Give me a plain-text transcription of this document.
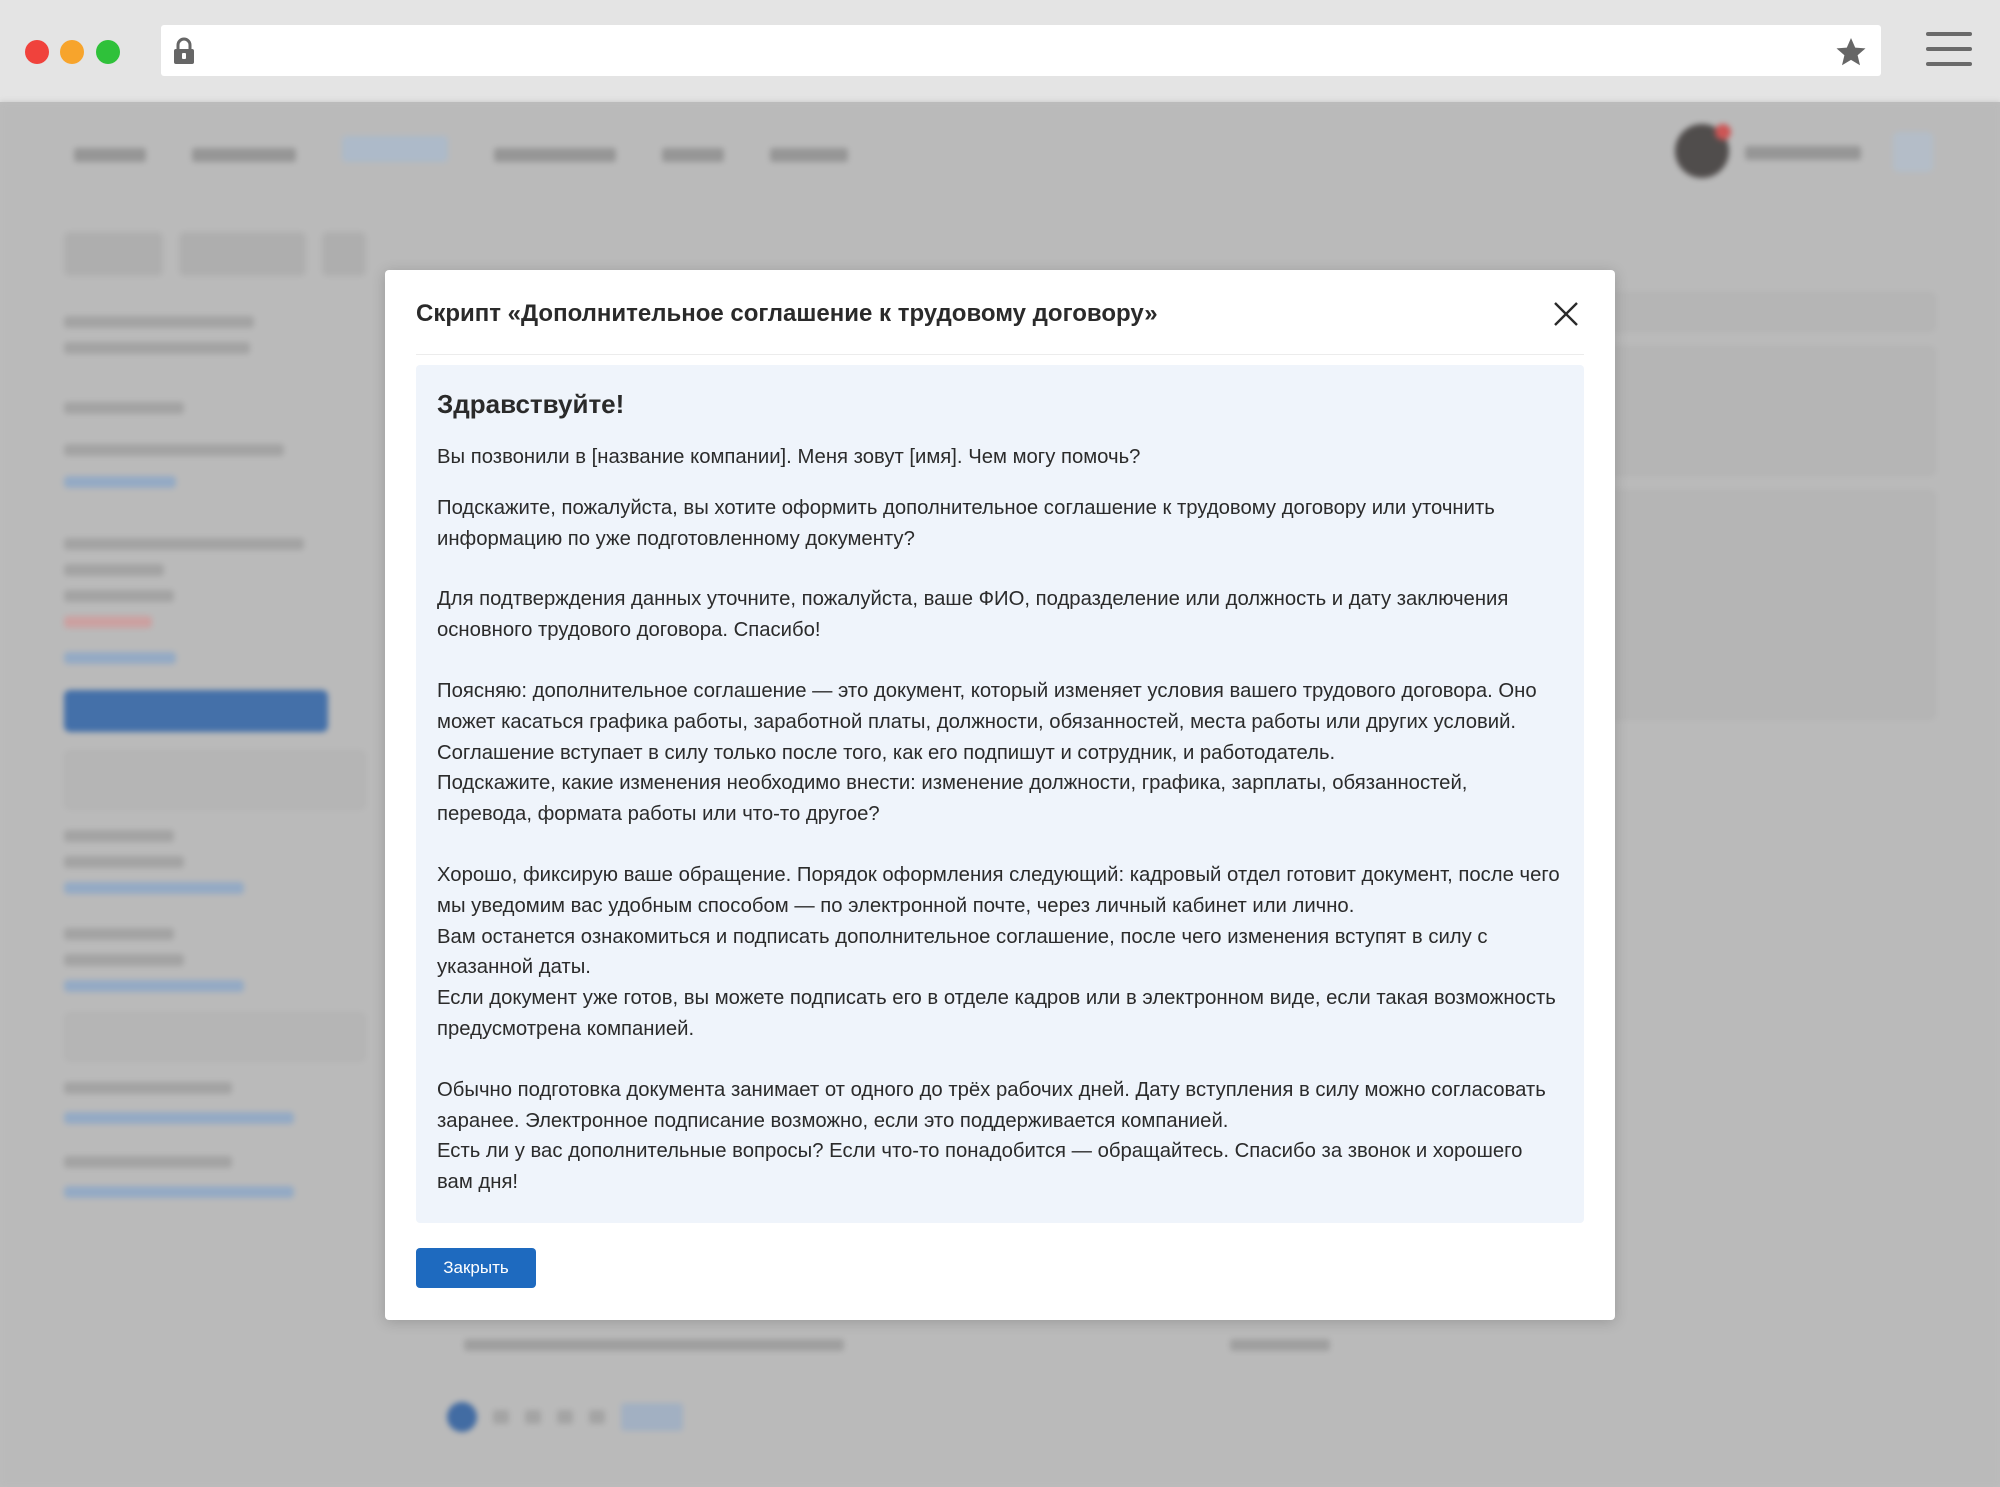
Скрипт «Дополнительное соглашение к трудовому договору»
Здравствуйте!

Вы позвонили в [название компании]. Меня зовут [имя]. Чем могу помочь?

Подскажите, пожалуйста, вы хотите оформить дополнительное соглашение к трудовому договору или уточнить информацию по уже подготовленному документу?

Для подтверждения данных уточните, пожалуйста, ваше ФИО, подразделение или должность и дату заключения основного трудового договора. Спасибо!

Поясняю: дополнительное соглашение — это документ, который изменяет условия вашего трудового договора. Оно может касаться графика работы, заработной платы, должности, обязанностей, места работы или других условий. Соглашение вступает в силу только после того, как его подпишут и сотрудник, и работодатель.

Подскажите, какие изменения необходимо внести: изменение должности, графика, зарплаты, обязанностей, перевода, формата работы или что-то другое?

Хорошо, фиксирую ваше обращение. Порядок оформления следующий: кадровый отдел готовит документ, после чего мы уведомим вас удобным способом — по электронной почте, через личный кабинет или лично.

Вам останется ознакомиться и подписать дополнительное соглашение, после чего изменения вступят в силу с указанной даты.

Если документ уже готов, вы можете подписать его в отделе кадров или в электронном виде, если такая возможность предусмотрена компанией.

Обычно подготовка документа занимает от одного до трёх рабочих дней. Дату вступления в силу можно согласовать заранее. Электронное подписание возможно, если это поддерживается компанией.

Есть ли у вас дополнительные вопросы? Если что-то понадобится — обращайтесь. Спасибо за звонок и хорошего вам дня!

Закрыть
